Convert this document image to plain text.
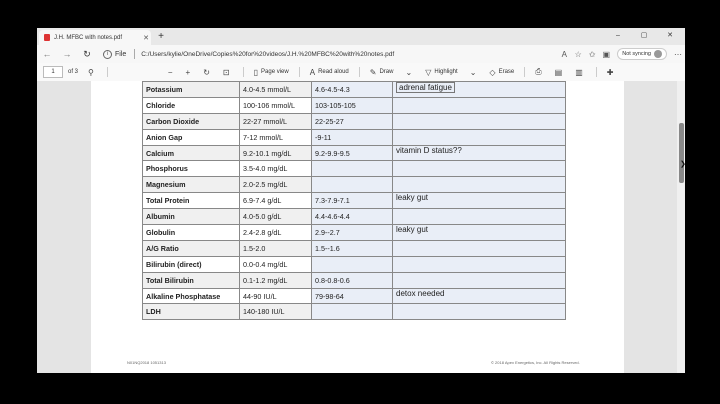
J.H. MFBC with notes.pdf	✕ +	–	▢	✕
←	→	↻	i File C:/Users/kylie/OneDrive/Copies%20for%20videos/J.H.%20MFBC%20with%20notes.pdf	A ☆ ✩ ▣	Not syncing	⋯
1	of 3 ⚲	− + ↻ ⊡	▯ Page view	A Read aloud	✎ Draw ⌄ ▽ Highlight ⌄ ◇ Erase	⎙ ▤ ▥	✚
Potassium	4.0-4.5 mmol/L	4.6-4.5-4.3	adrenal fatigue
Chloride	100-106 mmol/L	103-105-105	
Carbon Dioxide	22-27 mmol/L	22-25-27	
Anion Gap	7-12 mmol/L	-9-11	
Calcium	9.2-10.1 mg/dL	9.2-9.9-9.5	vitamin D status??
Phosphorus	3.5-4.0 mg/dL		
Magnesium	2.0-2.5 mg/dL		
Total Protein	6.9-7.4 g/dL	7.3-7.9-7.1	leaky gut
Albumin	4.0-5.0 g/dL	4.4-4.6-4.4	
Globulin	2.4-2.8 g/dL	2.9--2.7	leaky gut
A/G Ratio	1.5-2.0	1.5--1.6	
Bilirubin (direct)	0.0-0.4 mg/dL		
Total Bilirubin	0.1-1.2 mg/dL	0.8-0.8-0.6	
Alkaline Phosphatase	44-90 IU/L	79-98-64	detox needed
LDH	140-180 IU/L		
N01NQ2018 1051313	© 2018 Apex Energetics, Inc. All Rights Reserved.
❯
